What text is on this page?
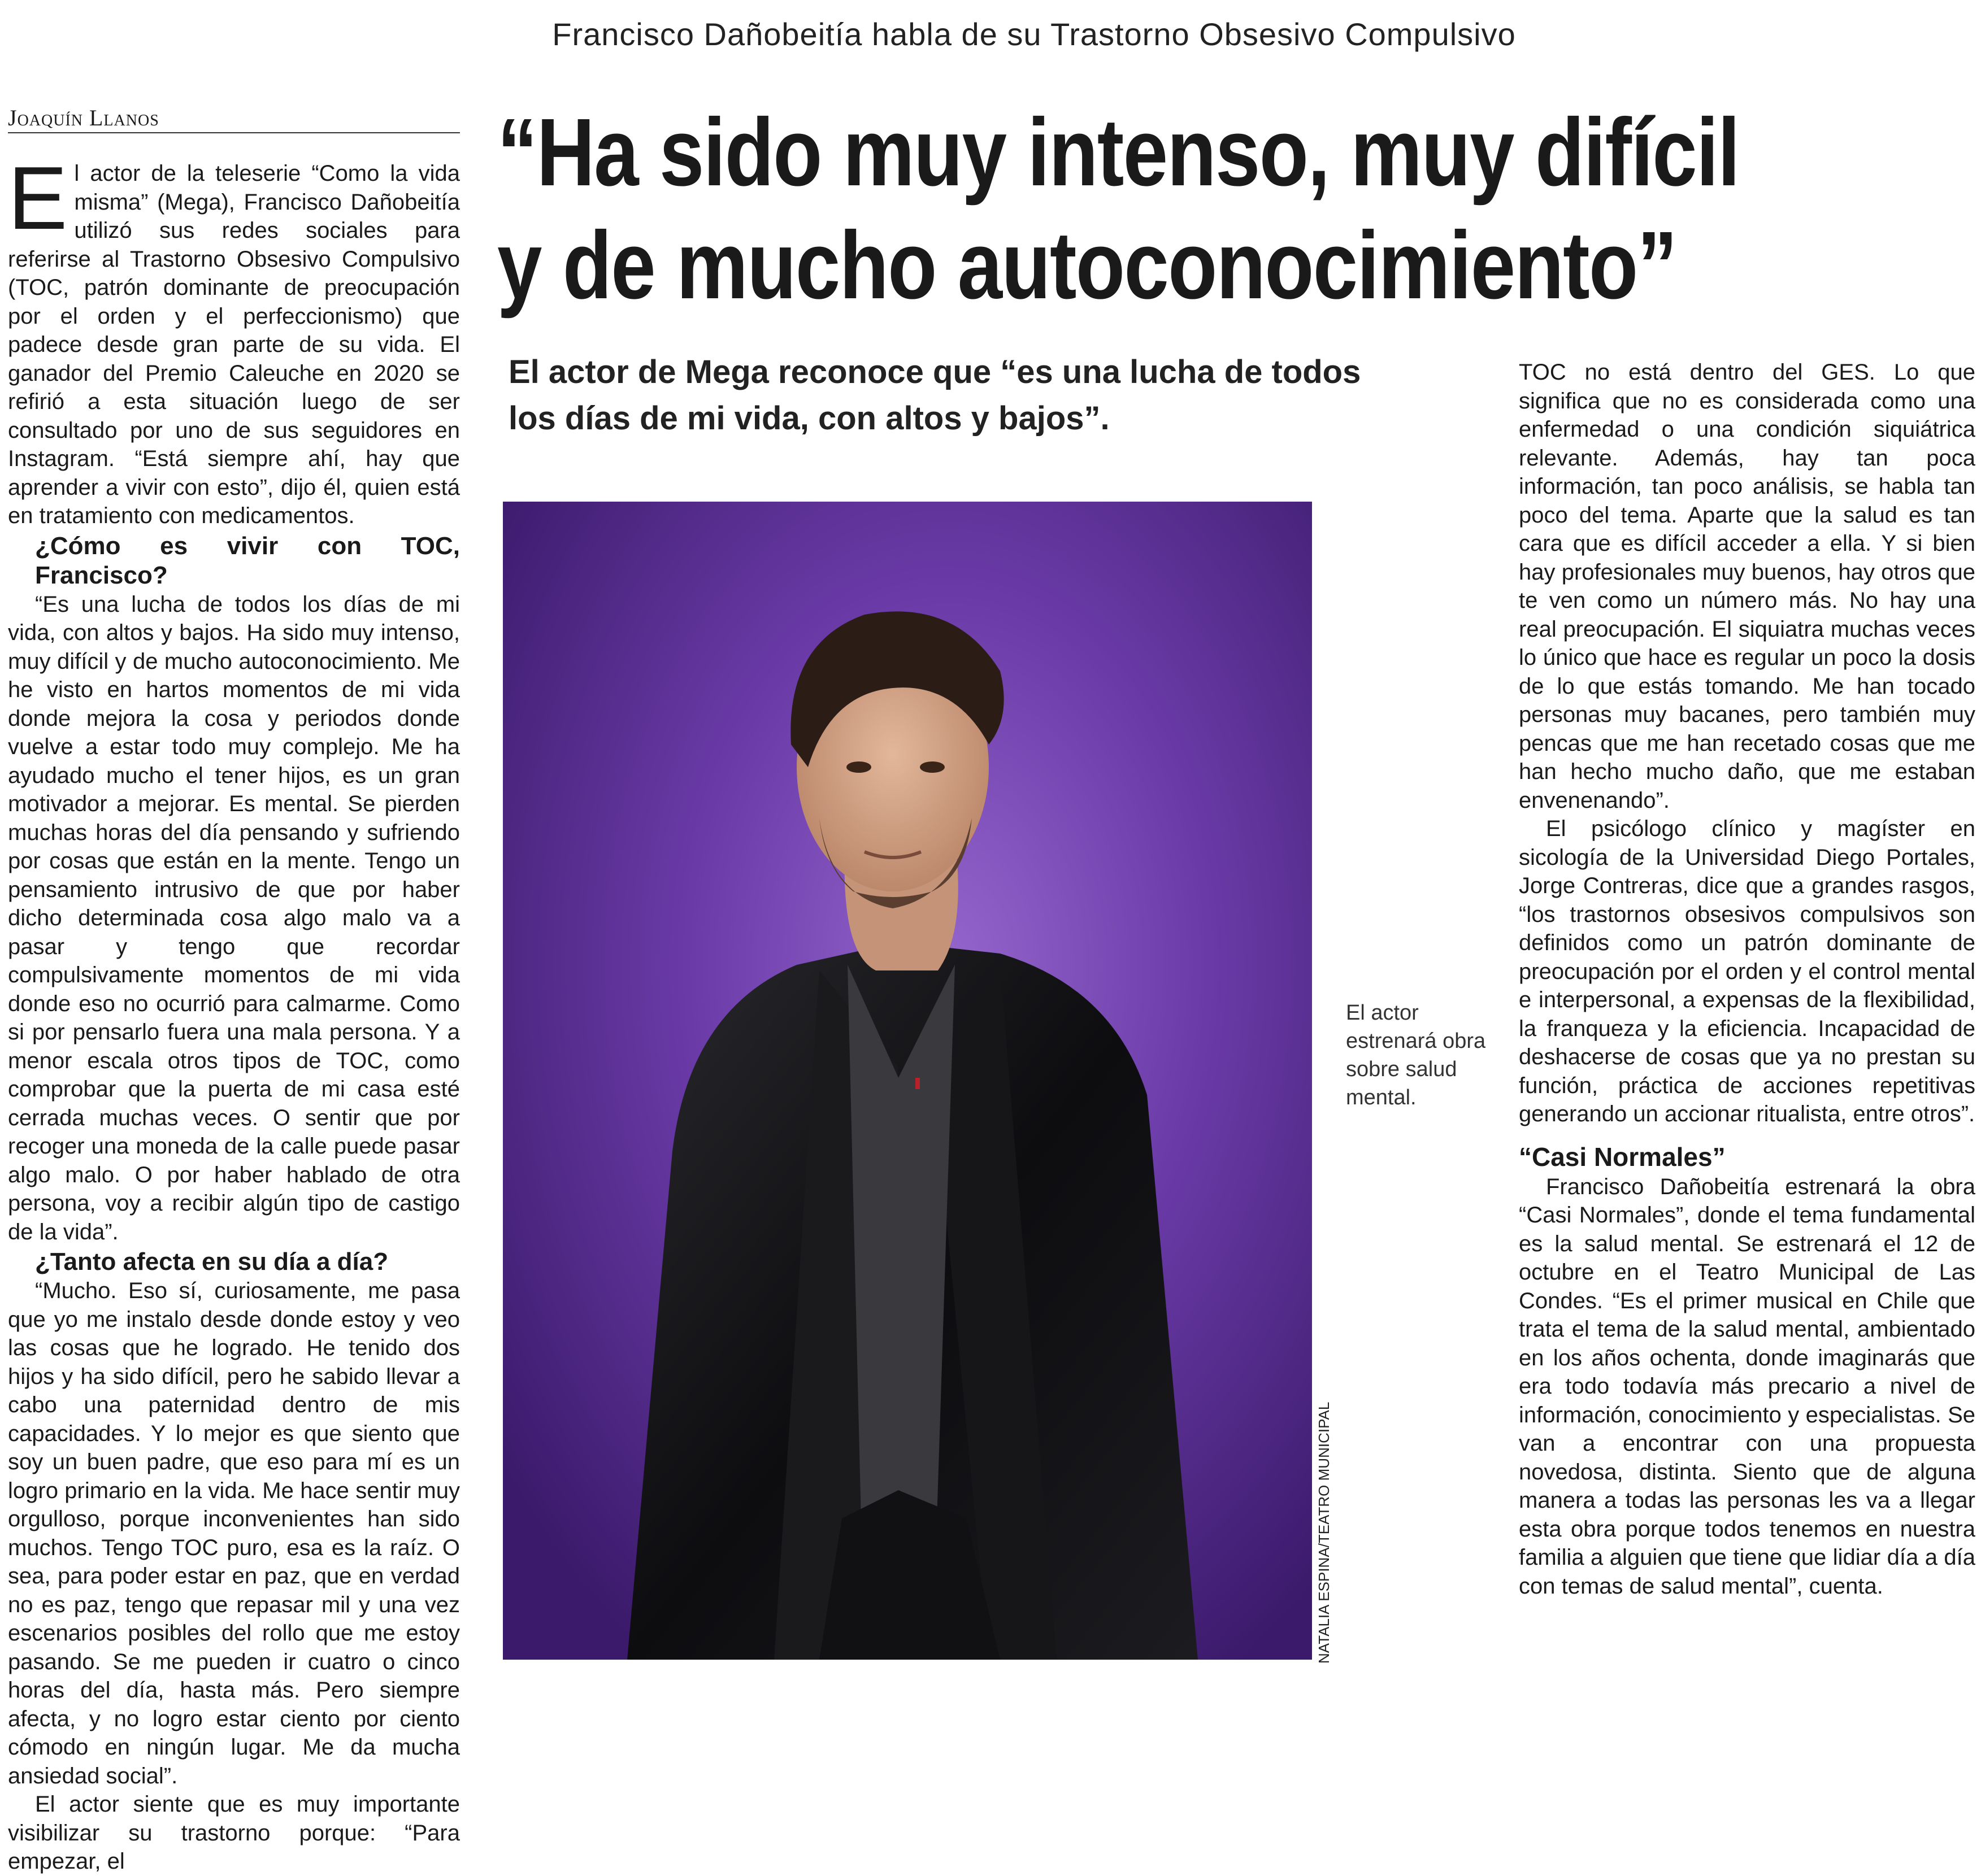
Francisco Dañobeitía habla de su Trastorno Obsesivo Compulsivo
Joaquín Llanos	“Ha sido muy intenso, muy difícil
y de mucho autoconocimiento”

El actor de Mega reconoce que “es una lucha de todos los días de mi vida, con altos y bajos”.

El actor de la teleserie “Como la vida misma” (Mega), Francisco Dañobeitía utilizó sus redes sociales para referirse al Trastorno Obsesivo Compulsivo (TOC, patrón dominante de preocupación por el orden y el perfeccionismo) que padece desde gran parte de su vida. El ganador del Premio Caleuche en 2020 se refirió a esta situación luego de ser consultado por uno de sus seguidores en Instagram. “Está siempre ahí, hay que aprender a vivir con esto”, dijo él, quien está en tratamiento con medicamentos.

¿Cómo es vivir con TOC, Francisco?

“Es una lucha de todos los días de mi vida, con altos y bajos. Ha sido muy intenso, muy difícil y de mucho autoconocimiento. Me he visto en hartos momentos de mi vida donde mejora la cosa y periodos donde vuelve a estar todo muy complejo. Me ha ayudado mucho el tener hijos, es un gran motivador a mejorar. Es mental. Se pierden muchas horas del día pensando y sufriendo por cosas que están en la mente. Tengo un pensamiento intrusivo de que por haber dicho determinada cosa algo malo va a pasar y tengo que recordar compulsivamente momentos de mi vida donde eso no ocurrió para calmarme. Como si por pensarlo fuera una mala persona. Y a menor escala otros tipos de TOC, como comprobar que la puerta de mi casa esté cerrada muchas veces. O sentir que por recoger una moneda de la calle puede pasar algo malo. O por haber hablado de otra persona, voy a recibir algún tipo de castigo de la vida”.

¿Tanto afecta en su día a día?

“Mucho. Eso sí, curiosamente, me pasa que yo me instalo desde donde estoy y veo las cosas que he logrado. He tenido dos hijos y ha sido difícil, pero he sabido llevar a cabo una paternidad dentro de mis capacidades. Y lo mejor es que siento que soy un buen padre, que eso para mí es un logro primario en la vida. Me hace sentir muy orgulloso, porque inconvenientes han sido muchos. Tengo TOC puro, esa es la raíz. O sea, para poder estar en paz, que en verdad no es paz, tengo que repasar mil y una vez escenarios posibles del rollo que me estoy pasando. Se me pueden ir cuatro o cinco horas del día, hasta más. Pero siempre afecta, y no logro estar ciento por ciento cómodo en ningún lugar. Me da mucha ansiedad social”.

El actor siente que es muy importante visibilizar su trastorno porque: “Para empezar, el

NATALIA ESPINA/TEATRO MUNICIPAL

El actor estrenará obra sobre salud mental.

TOC no está dentro del GES. Lo que significa que no es considerada como una enfermedad o una condición siquiátrica relevante. Además, hay tan poca información, tan poco análisis, se habla tan poco del tema. Aparte que la salud es tan cara que es difícil acceder a ella. Y si bien hay profesionales muy buenos, hay otros que te ven como un número más. No hay una real preocupación. El siquiatra muchas veces lo único que hace es regular un poco la dosis de lo que estás tomando. Me han tocado personas muy bacanes, pero también muy pencas que me han recetado cosas que me han hecho mucho daño, que me estaban envenenando”.

El psicólogo clínico y magíster en sicología de la Universidad Diego Portales, Jorge Contreras, dice que a grandes rasgos, “los trastornos obsesivos compulsivos son definidos como un patrón dominante de preocupación por el orden y el control mental e interpersonal, a expensas de la flexibilidad, la franqueza y la eficiencia. Incapacidad de deshacerse de cosas que ya no prestan su función, práctica de acciones repetitivas generando un accionar ritualista, entre otros”.

“Casi Normales”

Francisco Dañobeitía estrenará la obra “Casi Normales”, donde el tema fundamental es la salud mental. Se estrenará el 12 de octubre en el Teatro Municipal de Las Condes. “Es el primer musical en Chile que trata el tema de la salud mental, ambientado en los años ochenta, donde imaginarás que era todo todavía más precario a nivel de información, conocimiento y especialistas. Se van a encontrar con una propuesta novedosa, distinta. Siento que de alguna manera a todas las personas les va a llegar esta obra porque todos tenemos en nuestra familia a alguien que tiene que lidiar día a día con temas de salud mental”, cuenta.
